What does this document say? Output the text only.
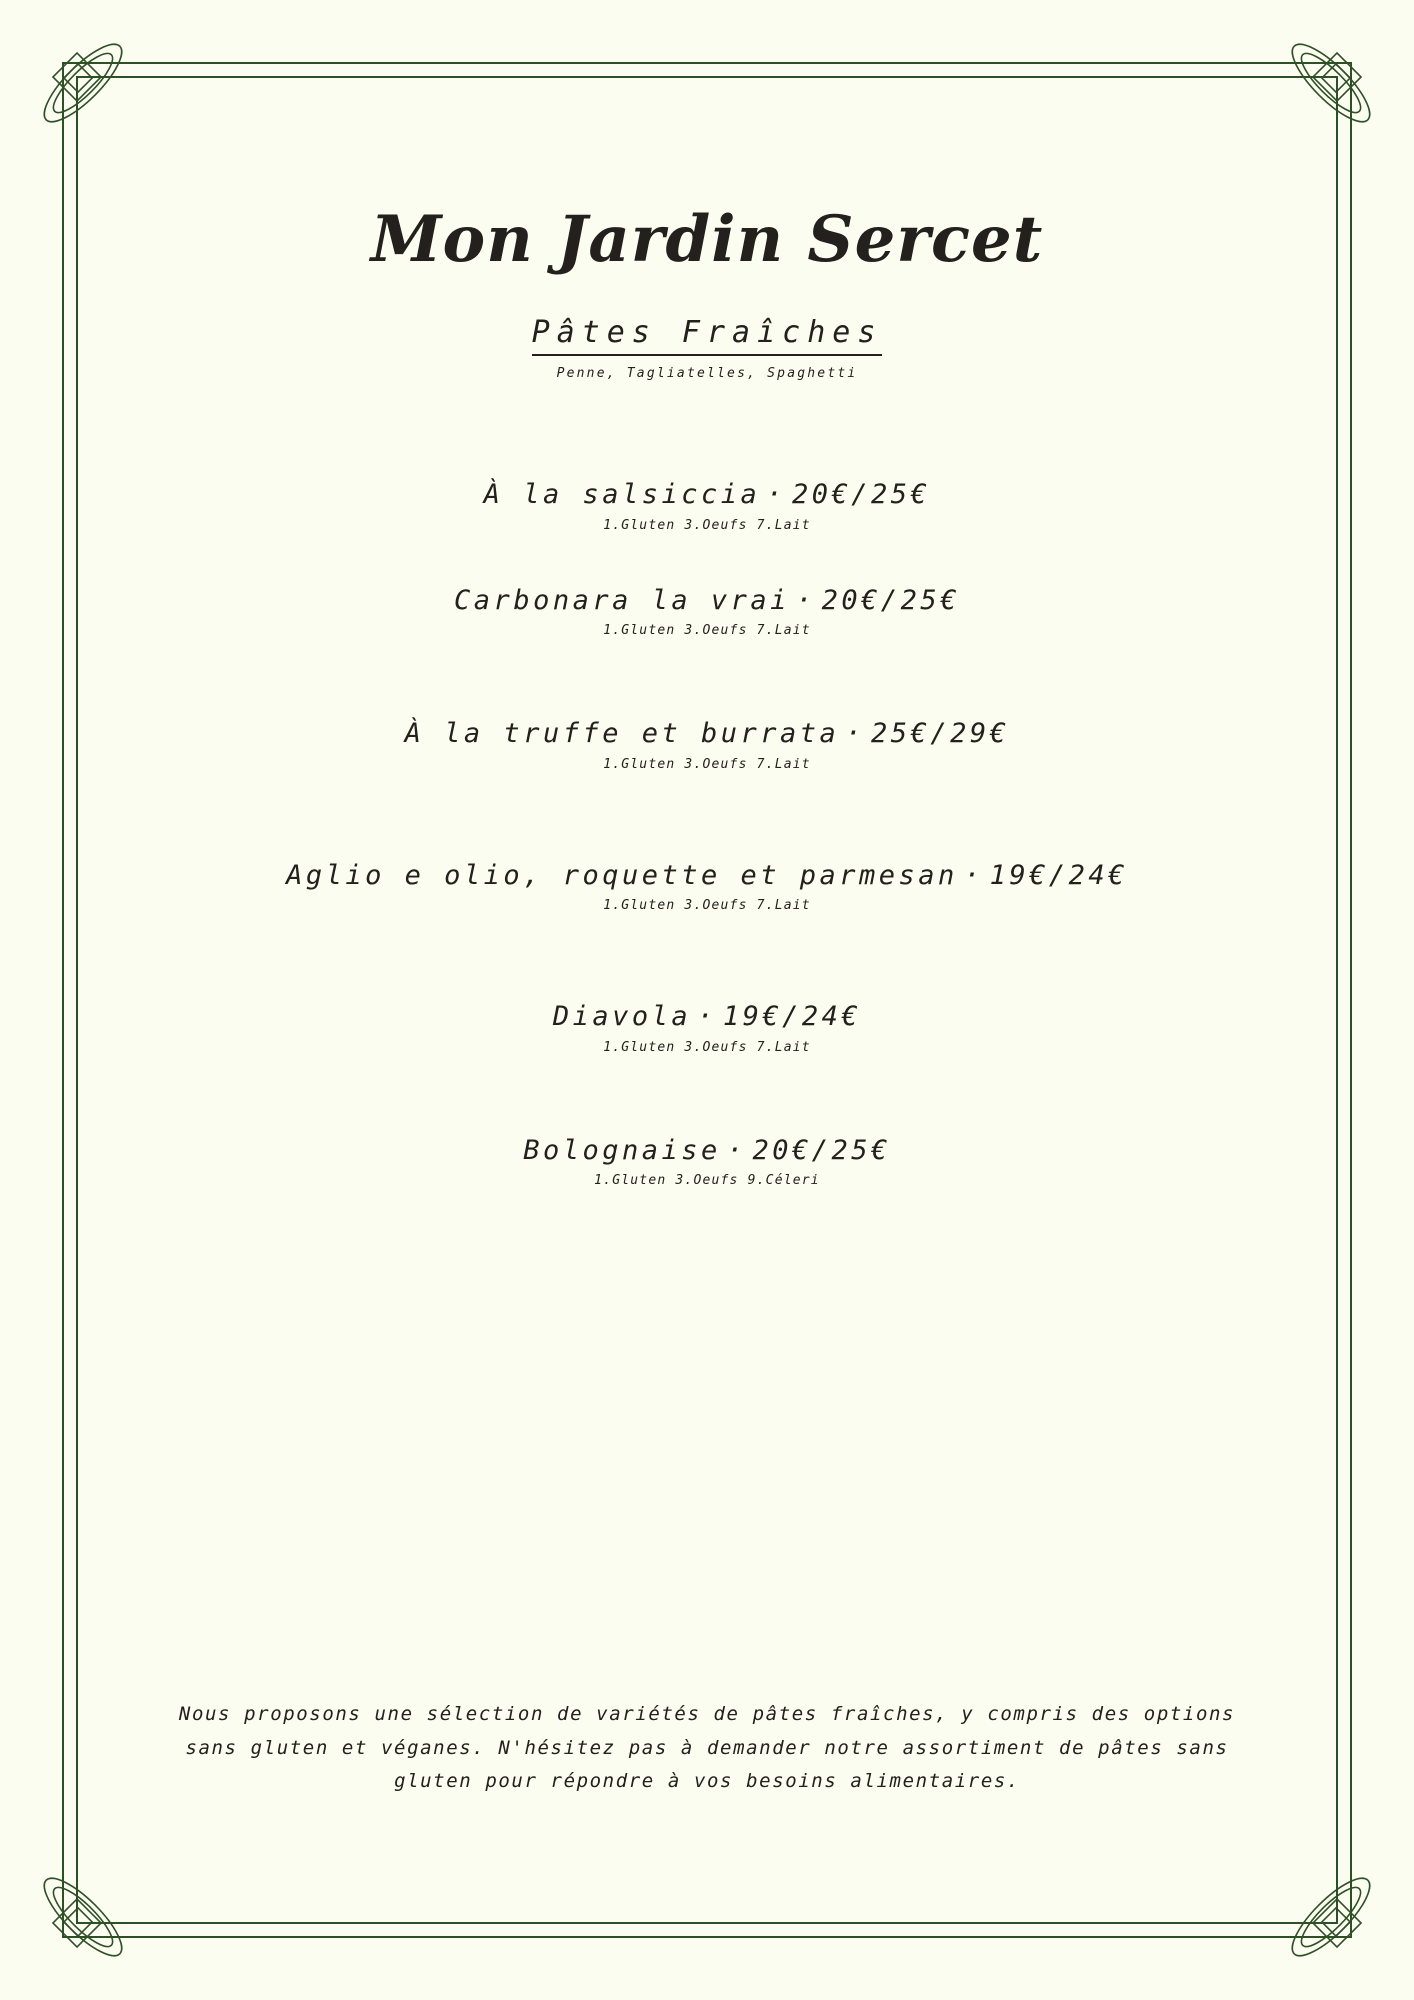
Mon Jardin Sercet
Pâtes Fraîches
Penne, Tagliatelles, Spaghetti
À la salsiccia · 20€/25€
1.Gluten 3.Oeufs 7.Lait
Carbonara la vrai · 20€/25€
1.Gluten 3.Oeufs 7.Lait
À la truffe et burrata · 25€/29€
1.Gluten 3.Oeufs 7.Lait
Aglio e olio, roquette et parmesan · 19€/24€
1.Gluten 3.Oeufs 7.Lait
Diavola · 19€/24€
1.Gluten 3.Oeufs 7.Lait
Bolognaise · 20€/25€
1.Gluten 3.Oeufs 9.Céleri
Nous proposons une sélection de variétés de pâtes fraîches, y compris des options sans gluten et véganes. N'hésitez pas à demander notre assortiment de pâtes sans gluten pour répondre à vos besoins alimentaires.
